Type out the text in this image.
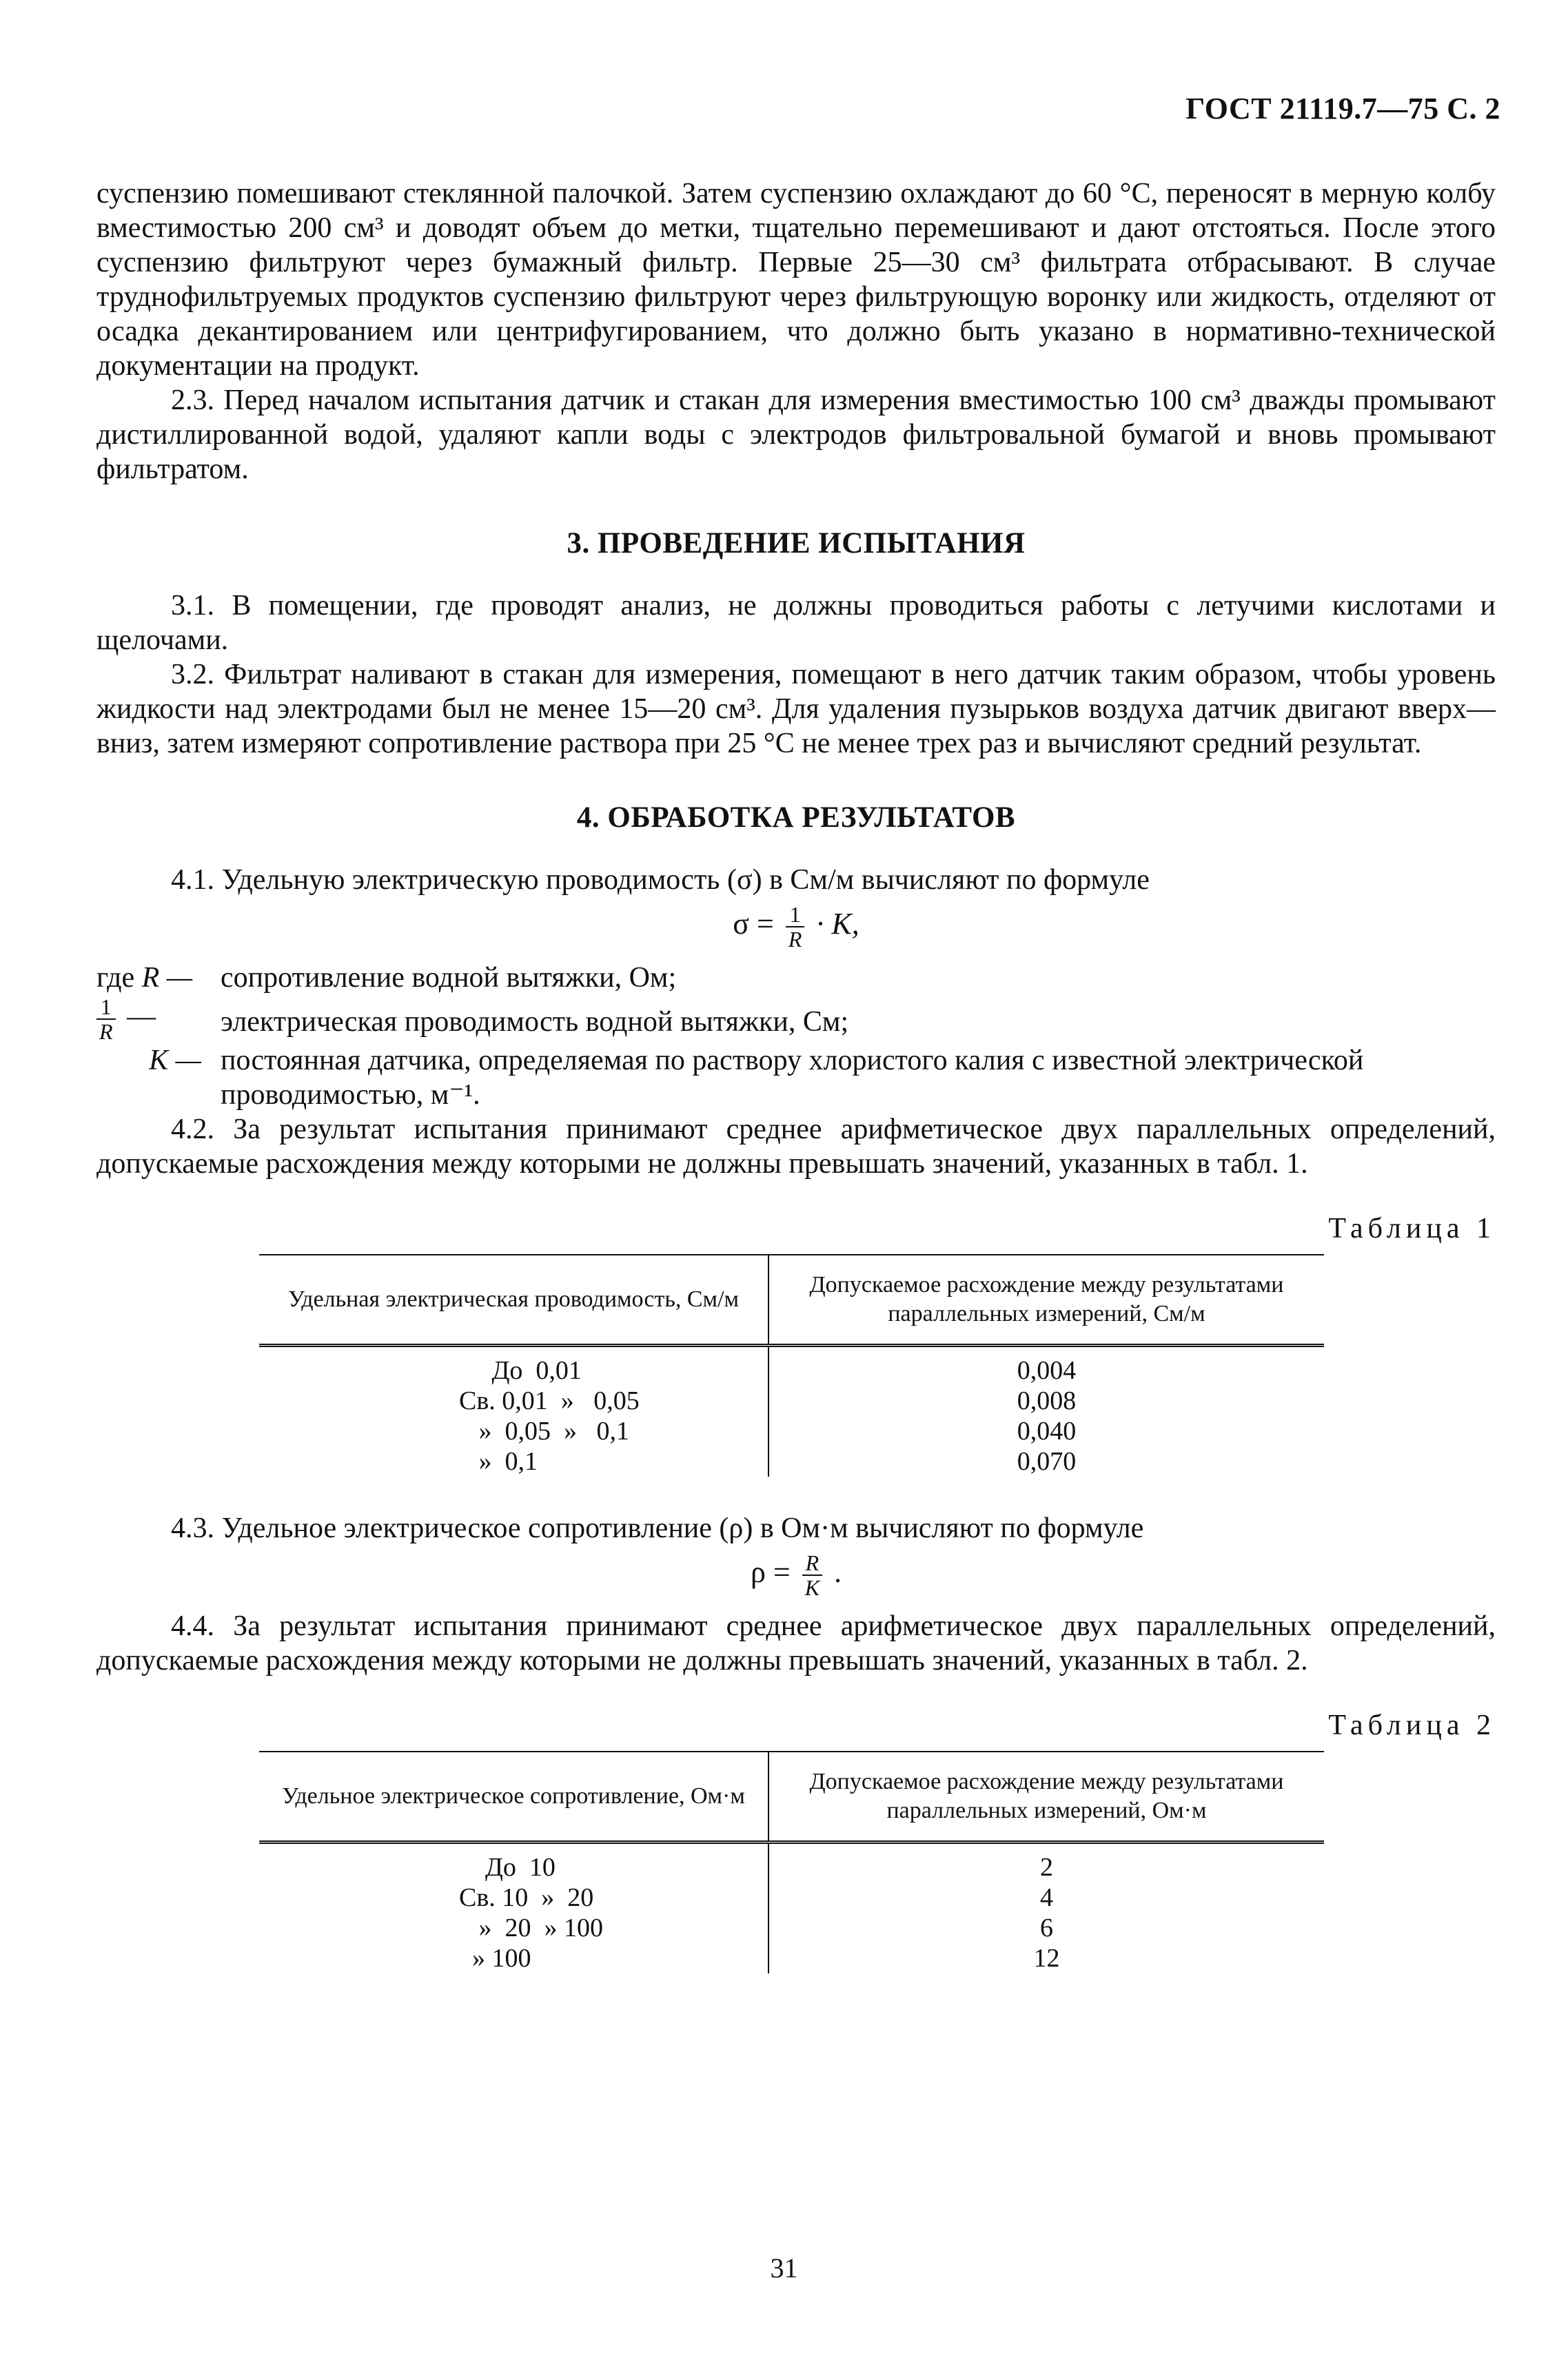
ГОСТ 21119.7—75 С. 2

суспензию помешивают стеклянной палочкой. Затем суспензию охлаждают до 60 °С, переносят в мерную колбу вместимостью 200 см³ и доводят объем до метки, тщательно перемешивают и дают отстояться. После этого суспензию фильтруют через бумажный фильтр. Первые 25—30 см³ фильтрата отбрасывают. В случае труднофильтруемых продуктов суспензию фильтруют через фильтрующую воронку или жидкость, отделяют от осадка декантированием или центрифугированием, что должно быть указано в нормативно-технической документации на продукт.

2.3. Перед началом испытания датчик и стакан для измерения вместимостью 100 см³ дважды промывают дистиллированной водой, удаляют капли воды с электродов фильтровальной бумагой и вновь промывают фильтратом.

3. ПРОВЕДЕНИЕ ИСПЫТАНИЯ

3.1. В помещении, где проводят анализ, не должны проводиться работы с летучими кислотами и щелочами.

3.2. Фильтрат наливают в стакан для измерения, помещают в него датчик таким образом, чтобы уровень жидкости над электродами был не менее 15—20 см³. Для удаления пузырьков воздуха датчик двигают вверх—вниз, затем измеряют сопротивление раствора при 25 °С не менее трех раз и вычисляют средний результат.

4. ОБРАБОТКА РЕЗУЛЬТАТОВ

4.1. Удельную электрическую проводимость (σ) в См/м вычисляют по формуле

$\sigma = \frac{1}{R} \cdot K$,
где R — сопротивление водной вытяжки, Ом;
$\frac{1}{R}$ —	электрическая проводимость водной вытяжки, См;
K — постоянная датчика, определяемая по раствору хлористого калия с известной электрической проводимостью, м⁻¹.

4.2. За результат испытания принимают среднее арифметическое двух параллельных определений, допускаемые расхождения между которыми не должны превышать значений, указанных в табл. 1.

Таблица 1
Удельная электрическая проводимость, См/м	Допускаемое расхождение между результатами параллельных измерений, См/м
До  0,01	0,004
Св. 0,01  »   0,05	0,008
»  0,05  »   0,1	0,040
»  0,1	0,070

4.3. Удельное электрическое сопротивление (ρ) в Ом·м вычисляют по формуле

$\rho = \frac{R}{K}$ .

4.4. За результат испытания принимают среднее арифметическое двух параллельных определений, допускаемые расхождения между которыми не должны превышать значений, указанных в табл. 2.

Таблица 2
Удельное электрическое сопротивление, Ом·м	Допускаемое расхождение между результатами параллельных измерений, Ом·м
До  10	2
Св. 10  »  20	4
»  20  » 100	6
» 100	12
31
